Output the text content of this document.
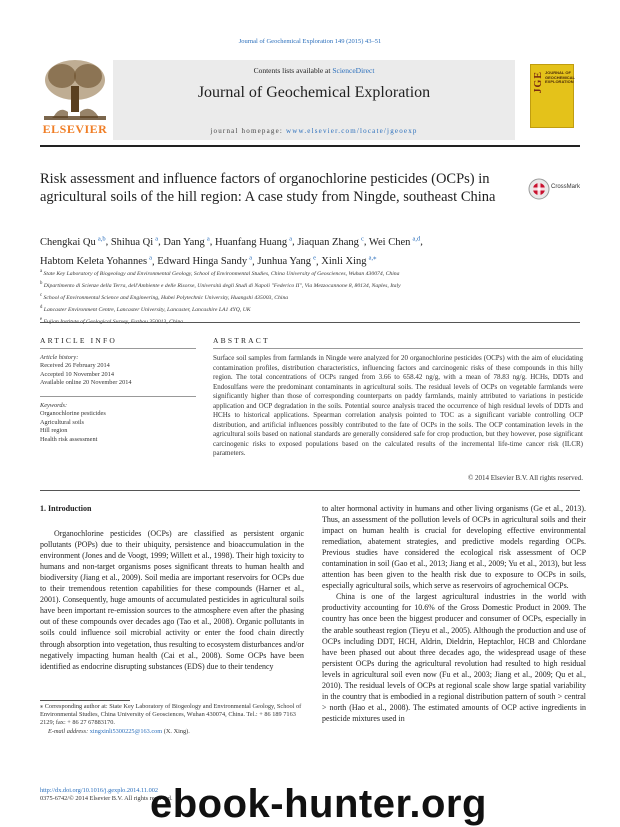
Journal of Geochemical Exploration 149 (2015) 43–51
ELSEVIER
Contents lists available at ScienceDirect
Journal of Geochemical Exploration
journal homepage: www.elsevier.com/locate/jgeoexp
JGE JOURNAL OF GEOCHEMICAL EXPLORATION
Risk assessment and influence factors of organochlorine pesticides (OCPs) in agricultural soils of the hill region: A case study from Ningde, southeast China
CrossMark
Chengkai Qu  $^{a,b}$, Shihua Qi  $^a$, Dan Yang  $^a$, Huanfang Huang  $^a$, Jiaquan Zhang  $^c$, Wei Chen  $^{a,d}$,
Habtom Keleta Yohannes  $^a$, Edward Hinga Sandy  $^a$, Junhua Yang  $^e$, Xinli Xing  $^{a,⁎}$
$^a$ State Key Laboratory of Biogeology and Environmental Geology, School of Environmental Studies, China University of Geosciences, Wuhan 430074, China
$^b$ Dipartimento di Scienze della Terra, dell'Ambiente e delle Risorse, Università degli Studi di Napoli "Federico II", Via Mezzocannone 8, 80134, Naples, Italy
$^c$ School of Environmental Science and Engineering, Hubei Polytechnic University, Huangshi 435003, China
$^d$ Lancaster Environment Centre, Lancaster University, Lancaster, Lancashire LA1 4YQ, UK
$^e$
ARTICLE INFO	ABSTRACT
Article history:
Received 26 February 2014
Accepted 10 November 2014
Available online 20 November 2014
Keywords:
Organochlorine pesticides
Agricultural soils
Hill region
Health risk assessment
Surface soil samples from farmlands in Ningde were analyzed for 20 organochlorine pesticides (OCPs) with the aim of elucidating contamination profiles, distribution characteristics, influencing factors and carcinogenic risks of these compounds in this hilly region. The total concentrations of OCPs ranged from 3.66 to 658.42 ng/g, with a mean of 78.83 ng/g. HCHs, DDTs and Endosulfans were the predominant contaminants in agricultural soils. The residual levels of OCPs on vegetable farmlands were significantly higher than those of corresponding counterparts on paddy farmlands, mainly attributed to variations in pesticide application and OCP degradation in the soils. Potential source analysis traced the occurrence of high residual levels of DDTs and HCHs to historical applications. Spearman correlation analysis pointed to TOC as a significant variable controlling OCP distribution, and artificial influences possibly contributed to the fate of OCPs in the soils. The OCP contamination levels in the agricultural soils based on national standards are generally considered safe for crop production, but they however, pose significant carcinogenic risks to exposed populations based on the calculated results of the incremental life-time cancer risk (ILCR) parameters.
© 2014 Elsevier B.V. All rights reserved.

1. Introduction

Organochlorine pesticides (OCPs) are classified as persistent organic pollutants (POPs) due to their ubiquity, persistence and bioaccumulation in the environment (Jones and de Voogt, 1999; Willett et al., 1998). Their high toxicity to humans and non-target organisms poses significant threats to human health and biodiversity (Jiang et al., 2009). Soil media are important reservoirs for OCPs due to their tremendous retention capabilities for these compounds (Harner et al., 2001). Consequently, huge amounts of accumulated pesticides in agricultural soils have been important re-emission sources to the atmosphere even after the phasing out of these compounds over decades ago (Tao et al., 2008). Organic pollutants in soils could influence soil microbial activity or enter the food chain directly through absorption into vegetation, thus resulting to ecosystem disturbances and/or negatively impacting human health (Cai et al., 2008). Some OCPs have been identified as endocrine disrupting substances (EDS) due to their tendency

to alter hormonal activity in humans and other living organisms (Ge et al., 2013). Thus, an assessment of the pollution levels of OCPs in agricultural soils and their impact on human health is crucial for developing effective environmental remediation, abatement strategies, and predictive models regarding OCPs. Previous studies have considered the ecological risk assessment of OCP contamination in soil (Gao et al., 2013; Jiang et al., 2009; Yu et al., 2013), but less attention has been given to the health risk due to exposure to OCPs in soils, especially agricultural soils, which serve as reservoirs of agrochemical OCPs.

China is one of the largest agricultural industries in the world with productivity accounting for 10.6% of the Gross Domestic Product in 2009. The country has once been the biggest producer and consumer of OCPs, especially in the arable southeast region (Tieyu et al., 2005). Although the production and use of OCPs including DDT, HCH, Aldrin, Dieldrin, Heptachlor, HCB and Chlordane have been phased out about three decades ago, the widespread usage of these persistent OCPs during the agricultural revolution had resulted to high residual levels in agricultural soil even now (Fu et al., 2003; Jiang et al., 2009; Qu et al., 2010). The residual levels of OCPs at regional scale show large spatial variability in the country that is embodied in a regional distribution pattern of south > central > north (Hao et al., 2008). The estimated amounts of OCP active ingredients in pesticide mixtures used in

⁎ Corresponding author at: State Key Laboratory of Biogeology and Environmental Geology, School of Environmental Studies, China University of Geosciences, Wuhan 430074, China. Tel.: + 86 189 7163 2129; fax: + 86 27 67883170.
E-mail address: xingxinli5300225@163.com (X. Xing).
http://dx.doi.org/10.1016/j.gexplo.2014.11.002
0375-6742/© 2014 Elsevier B.V. All rights reserved.
ebook-hunter.org
